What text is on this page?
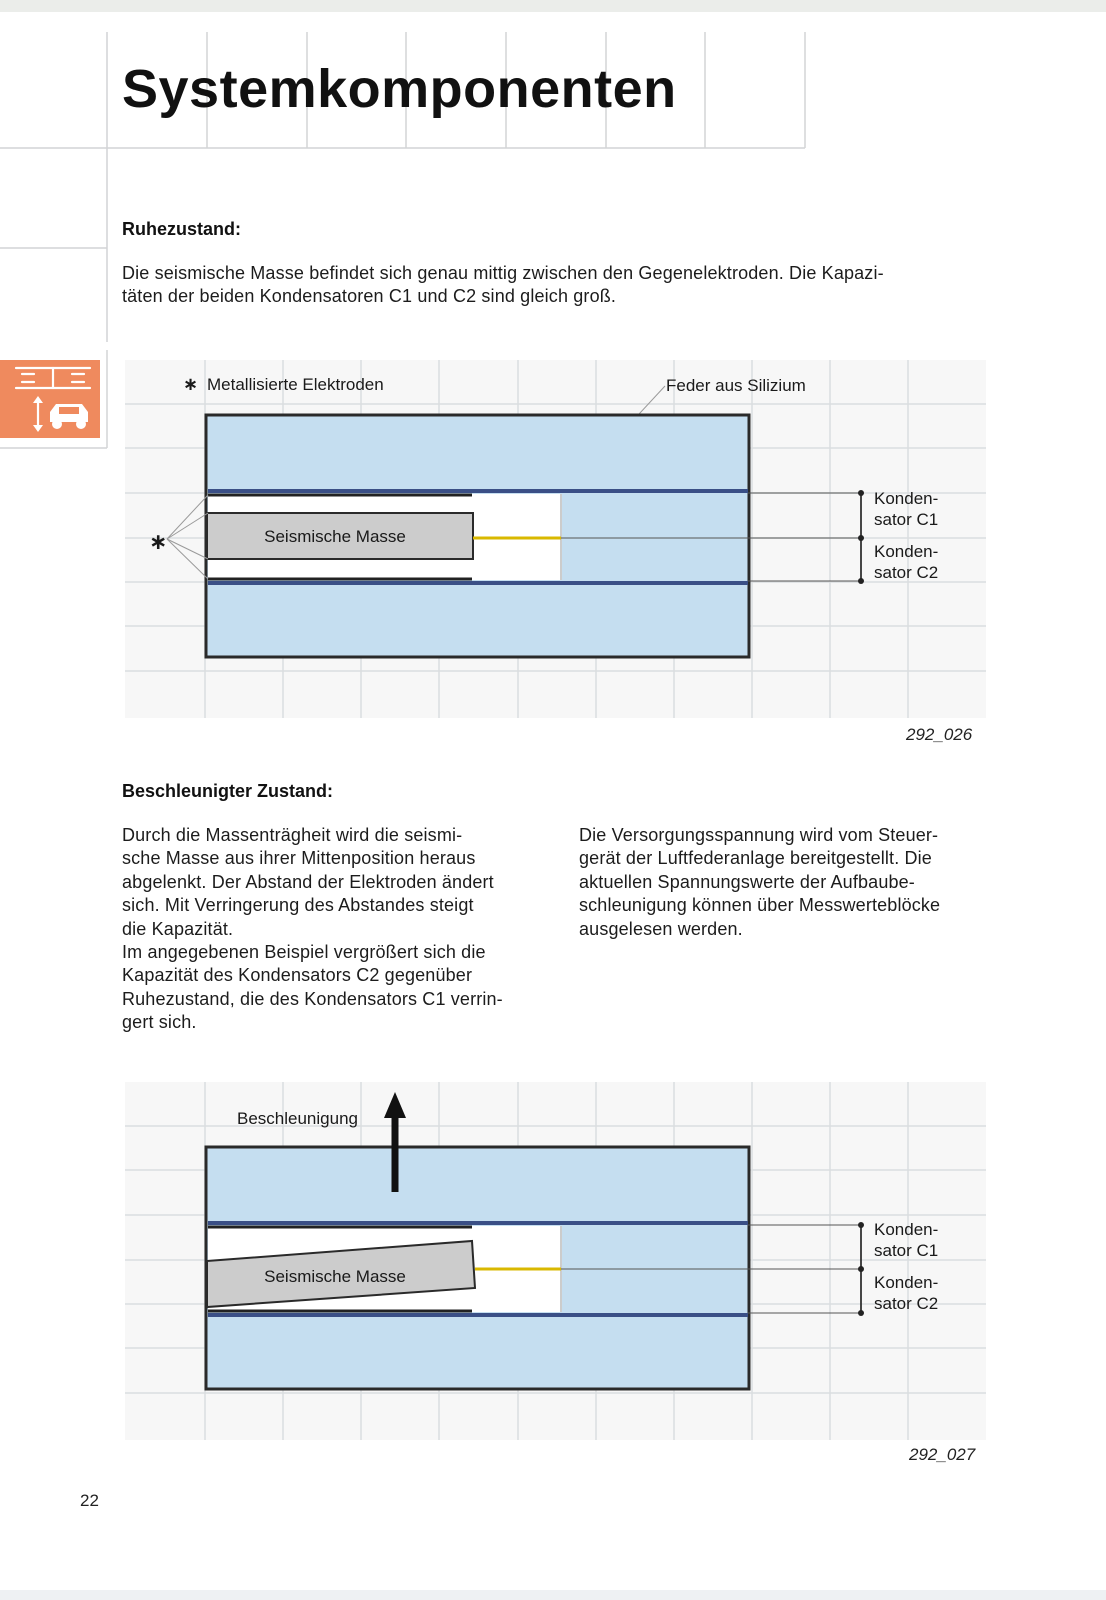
Systemkomponenten
Ruhezustand:
Die seismische Masse befindet sich genau mittig zwischen den Gegenelektroden. Die Kapazi-
täten der beiden Kondensatoren C1 und C2 sind gleich groß.
∗ Metallisierte Elektroden	Feder aus Silizium
Seismische Masse
∗
Konden-
sator C1
Konden-
sator C2
292_026
Beschleunigter Zustand:
Durch die Massenträgheit wird die seismi-
sche Masse aus ihrer Mittenposition heraus
abgelenkt. Der Abstand der Elektroden ändert
sich. Mit Verringerung des Abstandes steigt
die Kapazität.
Im angegebenen Beispiel vergrößert sich die
Kapazität des Kondensators C2 gegenüber
Ruhezustand, die des Kondensators C1 verrin-
gert sich.
Die Versorgungsspannung wird vom Steuer-
gerät der Luftfederanlage bereitgestellt. Die
aktuellen Spannungswerte der Aufbaube-
schleunigung können über Messwerteblöcke
ausgelesen werden.
Beschleunigung
Seismische Masse
Konden-
sator C1
Konden-
sator C2
292_027
22
